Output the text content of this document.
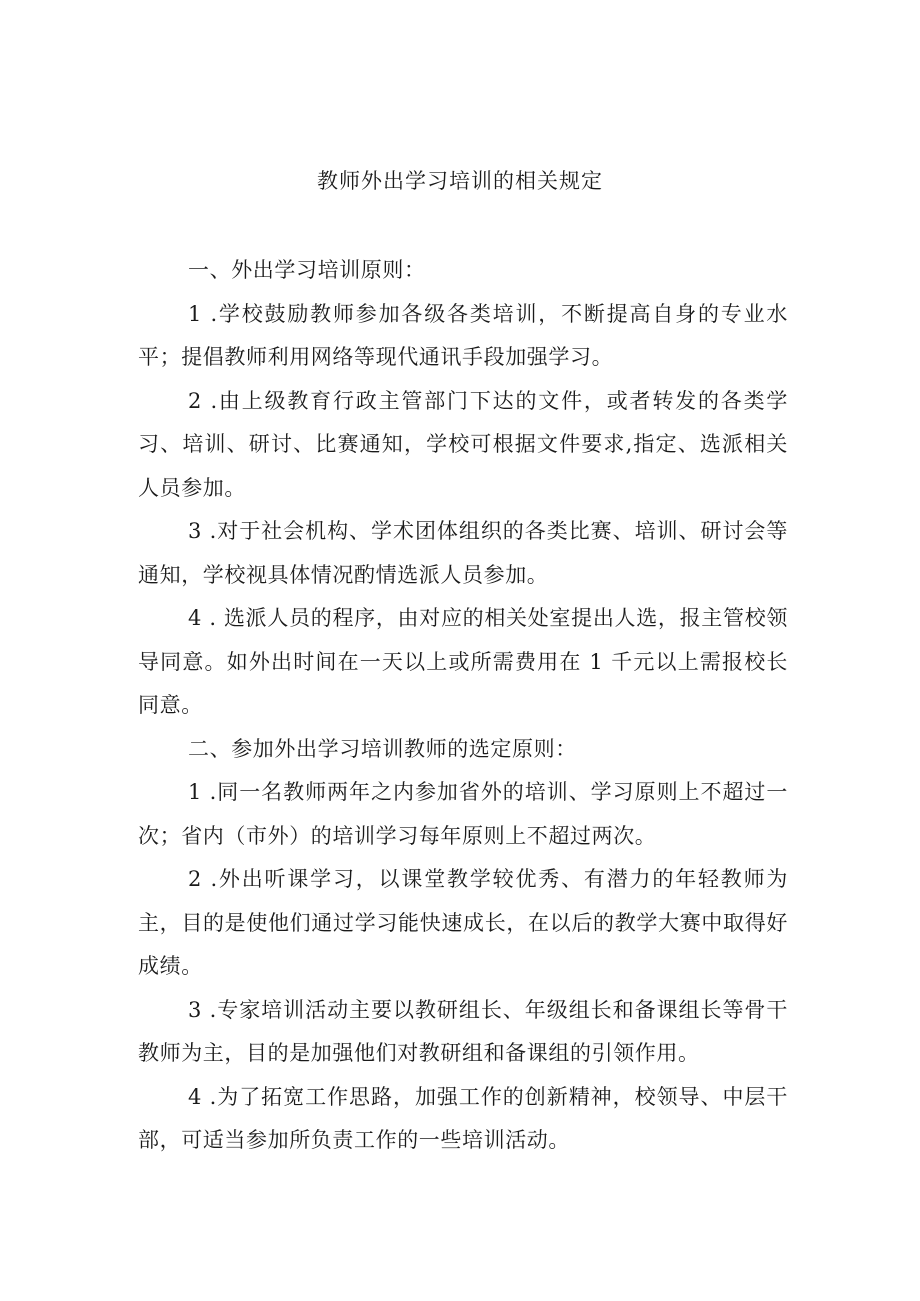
教师外出学习培训的相关规定

一、外出学习培训原则：

1 .学校鼓励教师参加各级各类培训，不断提高自身的专业水平；提倡教师利用网络等现代通讯手段加强学习。

2 .由上级教育行政主管部门下达的文件，或者转发的各类学习、培训、研讨、比赛通知，学校可根据文件要求,指定、选派相关人员参加。

3 .对于社会机构、学术团体组织的各类比赛、培训、研讨会等通知，学校视具体情况酌情选派人员参加。

4 . 选派人员的程序，由对应的相关处室提出人选，报主管校领导同意。如外出时间在一天以上或所需费用在 1 千元以上需报校长同意。

二、参加外出学习培训教师的选定原则：

1 .同一名教师两年之内参加省外的培训、学习原则上不超过一次；省内（市外）的培训学习每年原则上不超过两次。

2 .外出听课学习，以课堂教学较优秀、有潜力的年轻教师为主，目的是使他们通过学习能快速成长，在以后的教学大赛中取得好成绩。

3 .专家培训活动主要以教研组长、年级组长和备课组长等骨干教师为主，目的是加强他们对教研组和备课组的引领作用。

4 .为了拓宽工作思路，加强工作的创新精神，校领导、中层干部，可适当参加所负责工作的一些培训活动。
